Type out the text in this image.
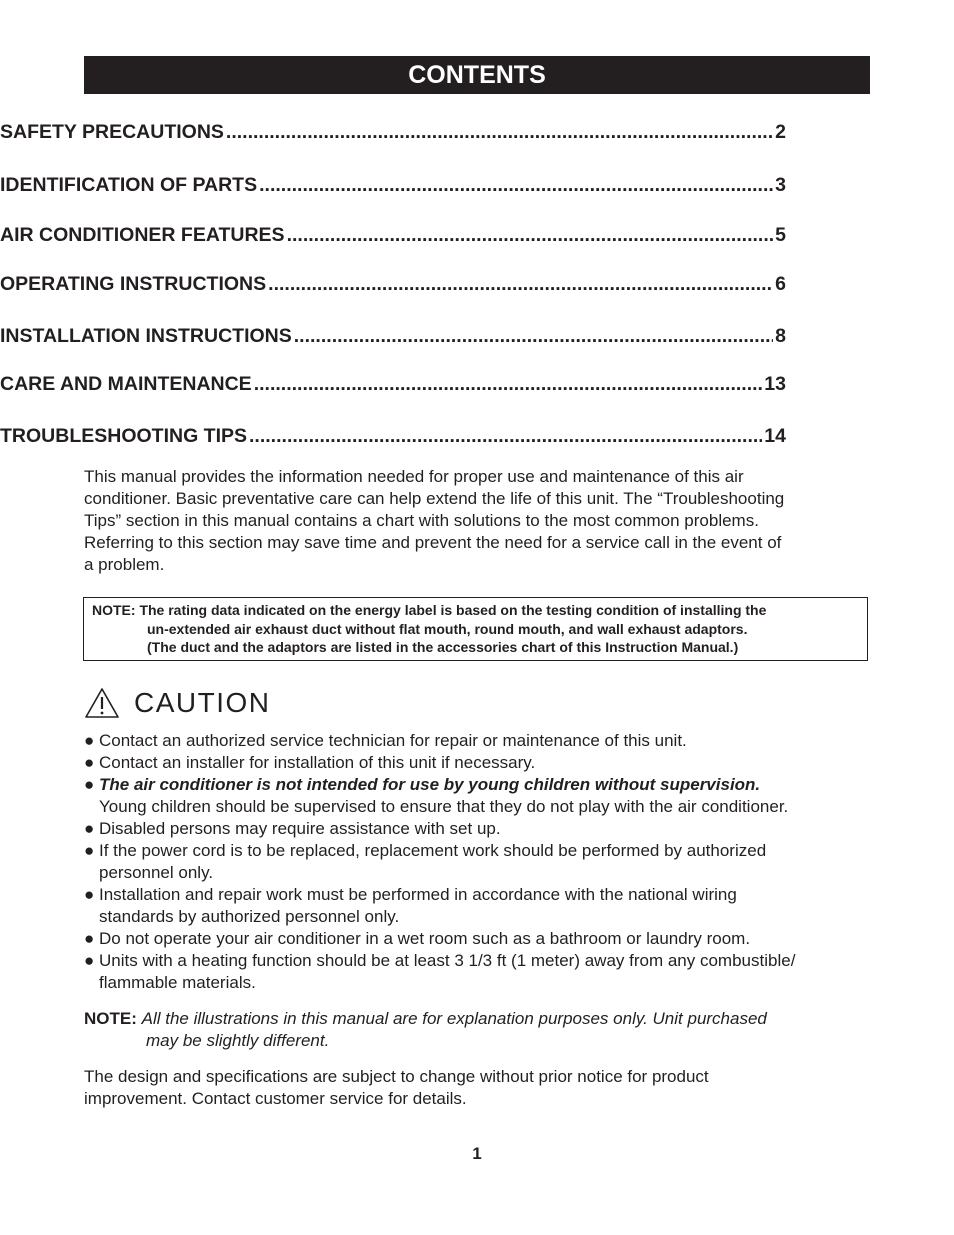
CONTENTS
SAFETY PRECAUTIONS .....	2
IDENTIFICATION OF PARTS .....	3
AIR CONDITIONER FEATURES .....	5
OPERATING INSTRUCTIONS .....	6
INSTALLATION INSTRUCTIONS .....	8
CARE AND MAINTENANCE .....	13
TROUBLESHOOTING TIPS .....	14
This manual provides the information needed for proper use and maintenance of this air
conditioner. Basic preventative care can help extend the life of this unit. The “Troubleshooting
Tips” section in this manual contains a chart with solutions to the most common problems.
Referring to this section may save time and prevent the need for a service call in the event of
a problem.
NOTE: The rating data indicated on the energy label is based on the testing condition of installing the
un-extended air exhaust duct without flat mouth, round mouth, and wall exhaust adaptors.
(The duct and the adaptors are listed in the accessories chart of this Instruction Manual.)
CAUTION
● Contact an authorized service technician for repair or maintenance of this unit.
● Contact an installer for installation of this unit if necessary.
● The air conditioner is not intended for use by young children without supervision.
Young children should be supervised to ensure that they do not play with the air conditioner.
● Disabled persons may require assistance with set up.
● If the power cord is to be replaced, replacement work should be performed by authorized
personnel only.
● Installation and repair work must be performed in accordance with the national wiring
standards by authorized personnel only.
● Do not operate your air conditioner in a wet room such as a bathroom or laundry room.
● Units with a heating function should be at least 3 1/3 ft (1 meter) away from any combustible/
flammable materials.
NOTE: All the illustrations in this manual are for explanation purposes only. Unit purchased
may be slightly different.
The design and specifications are subject to change without prior notice for product
improvement. Contact customer service for details.
1
